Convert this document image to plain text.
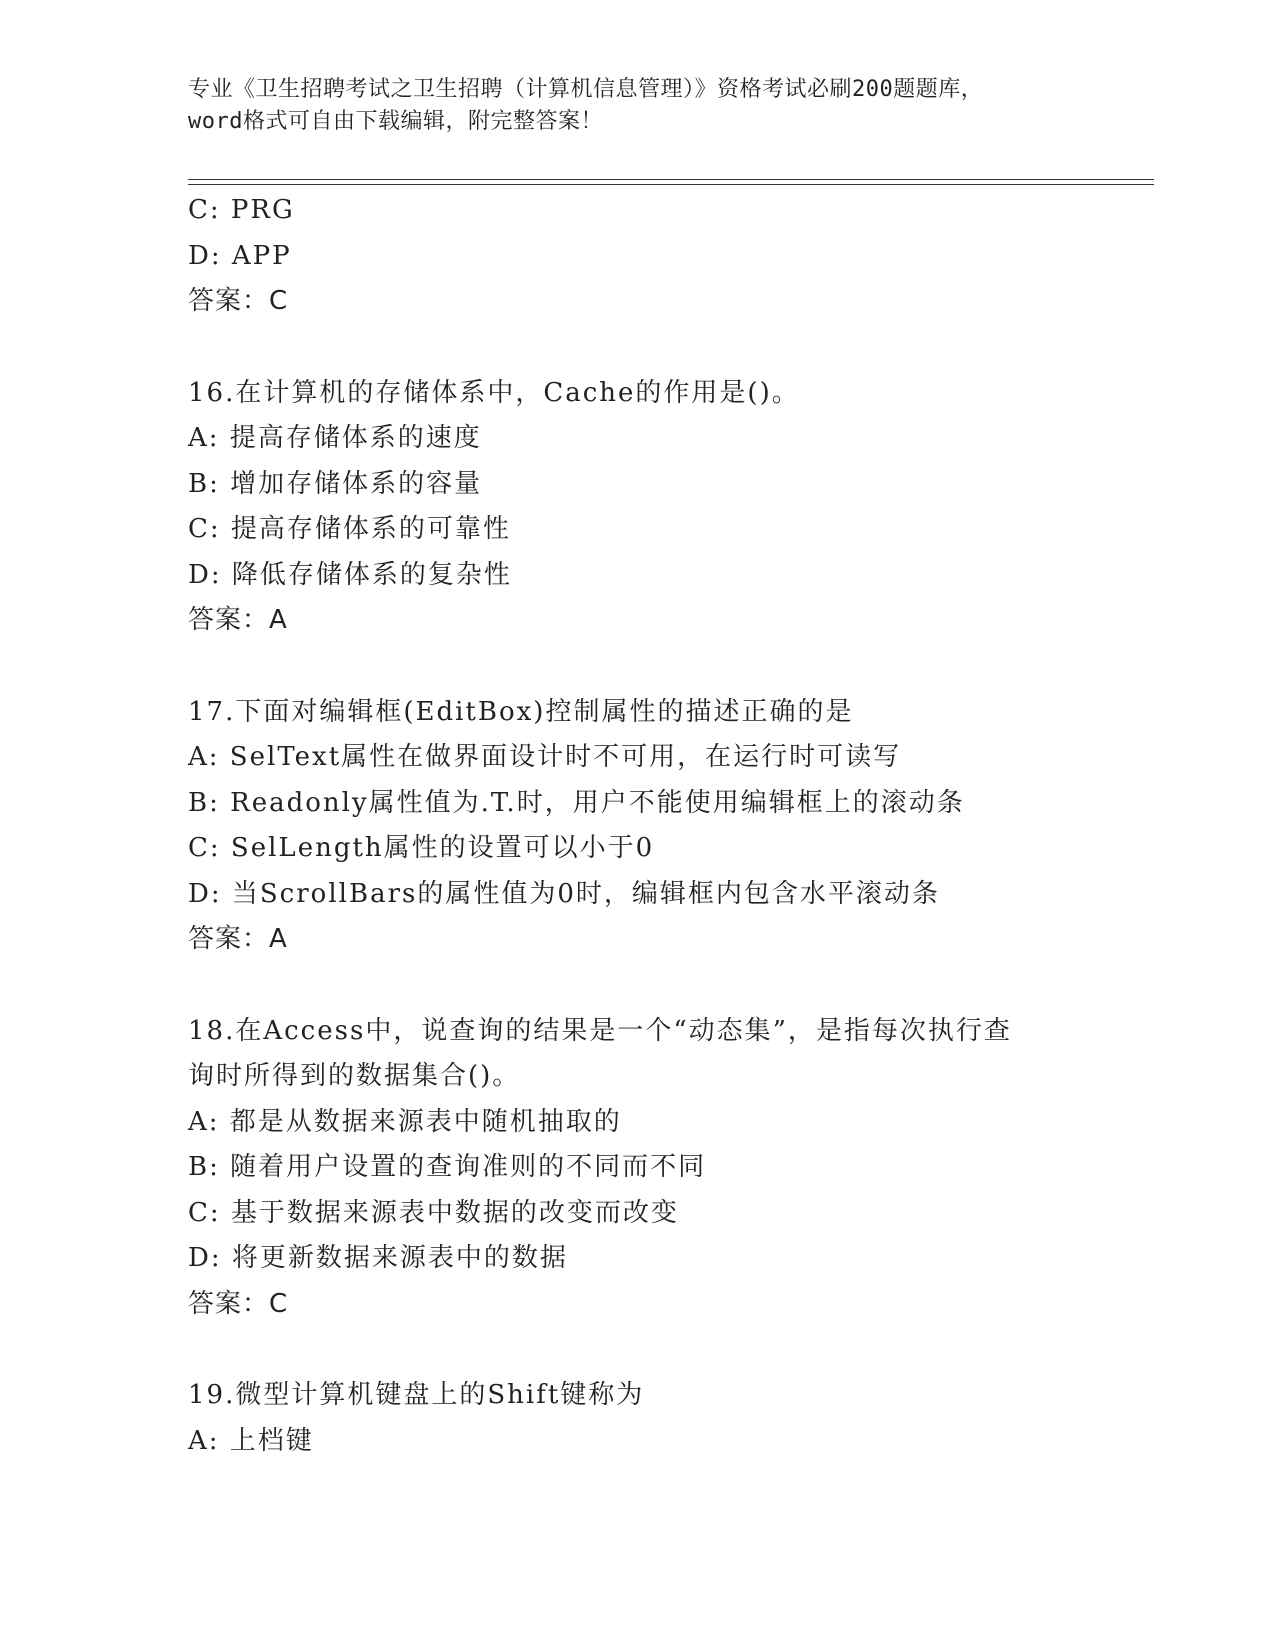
专业《卫生招聘考试之卫生招聘（计算机信息管理）》资格考试必刷200题题库，
word格式可自由下载编辑，附完整答案！
C: PRG
D: APP
答案：C
16.在计算机的存储体系中，Cache的作用是()。
A: 提高存储体系的速度
B: 增加存储体系的容量
C: 提高存储体系的可靠性
D: 降低存储体系的复杂性
答案：A
17.下面对编辑框(EditBox)控制属性的描述正确的是
A: SelText属性在做界面设计时不可用，在运行时可读写
B: Readonly属性值为.T.时，用户不能使用编辑框上的滚动条
C: SelLength属性的设置可以小于0
D: 当ScrollBars的属性值为0时，编辑框内包含水平滚动条
答案：A
18.在Access中，说查询的结果是一个“动态集”，是指每次执行查
询时所得到的数据集合()。
A: 都是从数据来源表中随机抽取的
B: 随着用户设置的查询准则的不同而不同
C: 基于数据来源表中数据的改变而改变
D: 将更新数据来源表中的数据
答案：C
19.微型计算机键盘上的Shift键称为
A: 上档键
